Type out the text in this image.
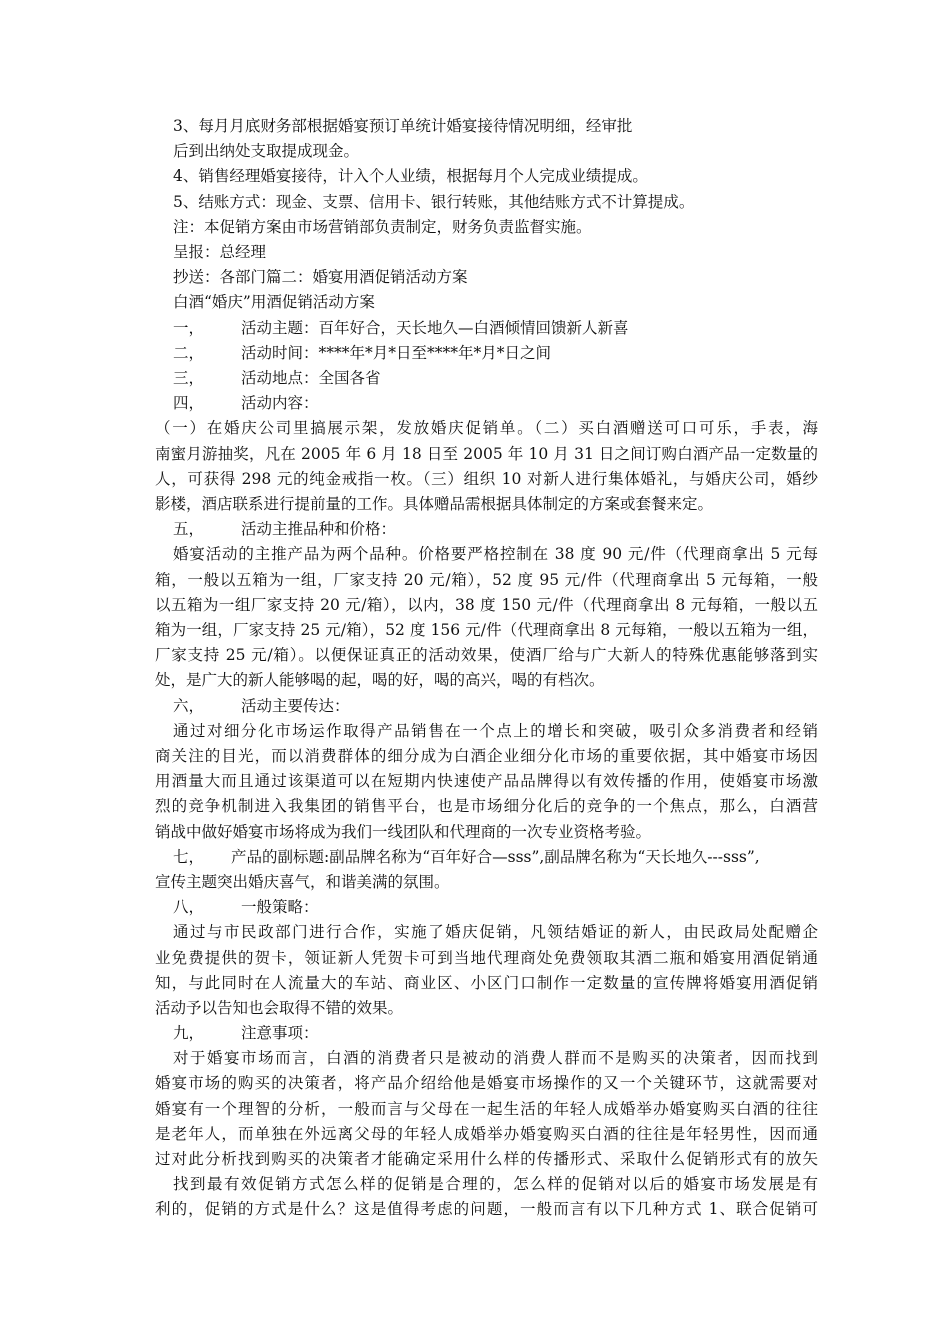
3、每月月底财务部根据婚宴预订单统计婚宴接待情况明细，经审批
后到出纳处支取提成现金。
4、销售经理婚宴接待，计入个人业绩，根据每月个人完成业绩提成。
5、结账方式：现金、支票、信用卡、银行转账，其他结账方式不计算提成。
注：本促销方案由市场营销部负责制定，财务负责监督实施。
呈报：总经理
抄送：各部门篇二：婚宴用酒促销活动方案
白酒“婚庆”用酒促销活动方案
一， 活动主题：百年好合，天长地久—白酒倾情回馈新人新喜
二， 活动时间：****年*月*日至****年*月*日之间
三， 活动地点：全国各省
四， 活动内容：
（一）在婚庆公司里搞展示架，发放婚庆促销单。（二）买白酒赠送可口可乐，手表，海
南蜜月游抽奖，凡在 2005 年 6 月 18 日至 2005 年 10 月 31 日之间订购白酒产品一定数量的
人，可获得 298 元的纯金戒指一枚。（三）组织 10 对新人进行集体婚礼，与婚庆公司，婚纱
影楼，酒店联系进行提前量的工作。具体赠品需根据具体制定的方案或套餐来定。
五， 活动主推品种和价格：
婚宴活动的主推产品为两个品种。价格要严格控制在 38 度 90 元/件（代理商拿出 5 元每
箱，一般以五箱为一组，厂家支持 20 元/箱），52 度 95 元/件（代理商拿出 5 元每箱，一般
以五箱为一组厂家支持 20 元/箱），以内，38 度 150 元/件（代理商拿出 8 元每箱，一般以五
箱为一组，厂家支持 25 元/箱），52 度 156 元/件（代理商拿出 8 元每箱，一般以五箱为一组，
厂家支持 25 元/箱）。以便保证真正的活动效果，使酒厂给与广大新人的特殊优惠能够落到实
处，是广大的新人能够喝的起，喝的好，喝的高兴，喝的有档次。
六， 活动主要传达：
通过对细分化市场运作取得产品销售在一个点上的增长和突破，吸引众多消费者和经销
商关注的目光，而以消费群体的细分成为白酒企业细分化市场的重要依据，其中婚宴市场因
用酒量大而且通过该渠道可以在短期内快速使产品品牌得以有效传播的作用，使婚宴市场激
烈的竞争机制进入我集团的销售平台，也是市场细分化后的竞争的一个焦点，那么，白酒营
销战中做好婚宴市场将成为我们一线团队和代理商的一次专业资格考验。
七， 产品的副标题:副品牌名称为“百年好合—sss”,副品牌名称为“天长地久---sss”,
宣传主题突出婚庆喜气，和谐美满的氛围。
八， 一般策略：
通过与市民政部门进行合作，实施了婚庆促销，凡领结婚证的新人，由民政局处配赠企
业免费提供的贺卡，领证新人凭贺卡可到当地代理商处免费领取其酒二瓶和婚宴用酒促销通
知，与此同时在人流量大的车站、商业区、小区门口制作一定数量的宣传牌将婚宴用酒促销
活动予以告知也会取得不错的效果。
九， 注意事项：
对于婚宴市场而言，白酒的消费者只是被动的消费人群而不是购买的决策者，因而找到
婚宴市场的购买的决策者，将产品介绍给他是婚宴市场操作的又一个关键环节，这就需要对
婚宴有一个理智的分析，一般而言与父母在一起生活的年轻人成婚举办婚宴购买白酒的往往
是老年人，而单独在外远离父母的年轻人成婚举办婚宴购买白酒的往往是年轻男性，因而通
过对此分析找到购买的决策者才能确定采用什么样的传播形式、采取什么促销形式有的放矢
找到最有效促销方式怎么样的促销是合理的，怎么样的促销对以后的婚宴市场发展是有
利的，促销的方式是什么？这是值得考虑的问题，一般而言有以下几种方式 1、联合促销可
